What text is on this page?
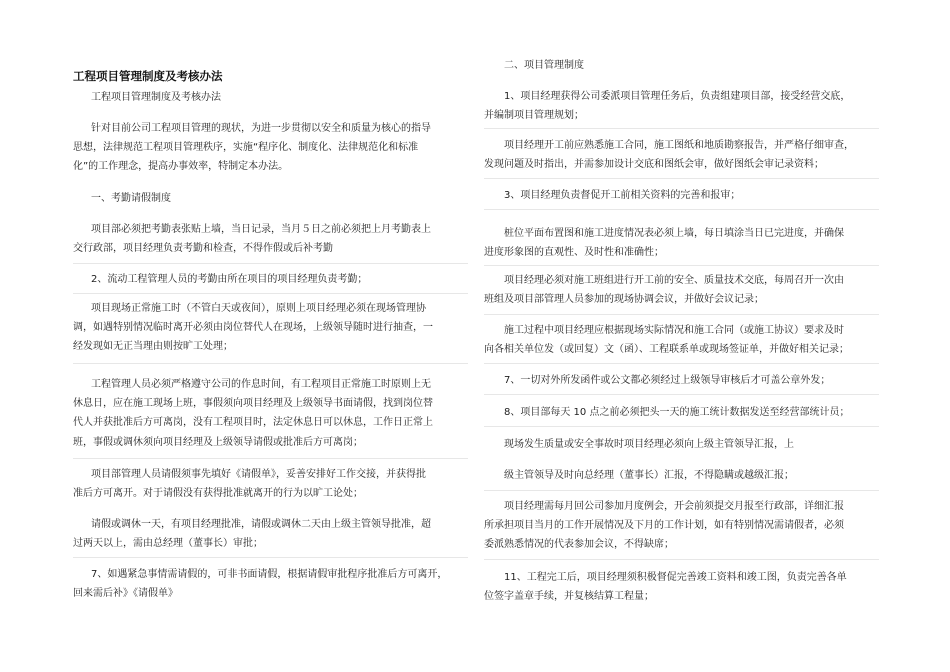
工程项目管理制度及考核办法
工程项目管理制度及考核办法
针对目前公司工程项目管理的现状，为进一步贯彻以安全和质量为核心的指导
思想，法律规范工程项目管理秩序，实施“程序化、制度化、法律规范化和标准
化”的工作理念，提高办事效率，特制定本办法。
一、考勤请假制度
项目部必须把考勤表张贴上墙，当日记录，当月５日之前必须把上月考勤表上
交行政部，项目经理负责考勤和检查，不得作假或后补考勤
2、流动工程管理人员的考勤由所在项目的项目经理负责考勤；
项目现场正常施工时（不管白天或夜间），原则上项目经理必须在现场管理协
调，如遇特别情况临时离开必须由岗位替代人在现场，上级领导随时进行抽查，一
经发现如无正当理由则按旷工处理；
工程管理人员必须严格遵守公司的作息时间，有工程项目正常施工时原则上无
休息日，应在施工现场上班，事假须向项目经理及上级领导书面请假，找到岗位替
代人并获批准后方可离岗，没有工程项目时，法定休息日可以休息，工作日正常上
班，事假或调休须向项目经理及上级领导请假或批准后方可离岗；
项目部管理人员请假须事先填好《请假单》，妥善安排好工作交接，并获得批
准后方可离开。对于请假没有获得批准就离开的行为以旷工论处；
请假或调休一天，有项目经理批准，请假或调休二天由上级主管领导批准，超
过两天以上，需由总经理（董事长）审批；
7、如遇紧急事情需请假的，可非书面请假，根据请假审批程序批准后方可离开，
回来需后补》《请假单》
二、项目管理制度
1、项目经理获得公司委派项目管理任务后，负责组建项目部，接受经营交底，
并编制项目管理规划；
项目经理开工前应熟悉施工合同，施工图纸和地质勘察报告，并严格仔细审查，
发现问题及时指出，并需参加设计交底和图纸会审，做好图纸会审记录资料；
3、项目经理负责督促开工前相关资料的完善和报审；
桩位平面布置图和施工进度情况表必须上墙，每日填涂当日已完进度，并确保
进度形象图的直观性、及时性和准确性；
项目经理必须对施工班组进行开工前的安全、质量技术交底，每周召开一次由
班组及项目部管理人员参加的现场协调会议，并做好会议记录；
施工过程中项目经理应根据现场实际情况和施工合同（或施工协议）要求及时
向各相关单位发（或回复）文（函）、工程联系单或现场签证单，并做好相关记录；
7、一切对外所发函件或公文都必须经过上级领导审核后才可盖公章外发；
8、项目部每天 10 点之前必须把头一天的施工统计数据发送至经营部统计员；
现场发生质量或安全事故时项目经理必须向上级主管领导汇报，上
级主管领导及时向总经理（董事长）汇报，不得隐瞒或越级汇报；
项目经理需每月回公司参加月度例会，开会前须提交月报至行政部，详细汇报
所承担项目当月的工作开展情况及下月的工作计划，如有特别情况需请假者，必须
委派熟悉情况的代表参加会议，不得缺席；
11、工程完工后，项目经理须积极督促完善竣工资料和竣工图，负责完善各单
位签字盖章手续，并复核结算工程量；
